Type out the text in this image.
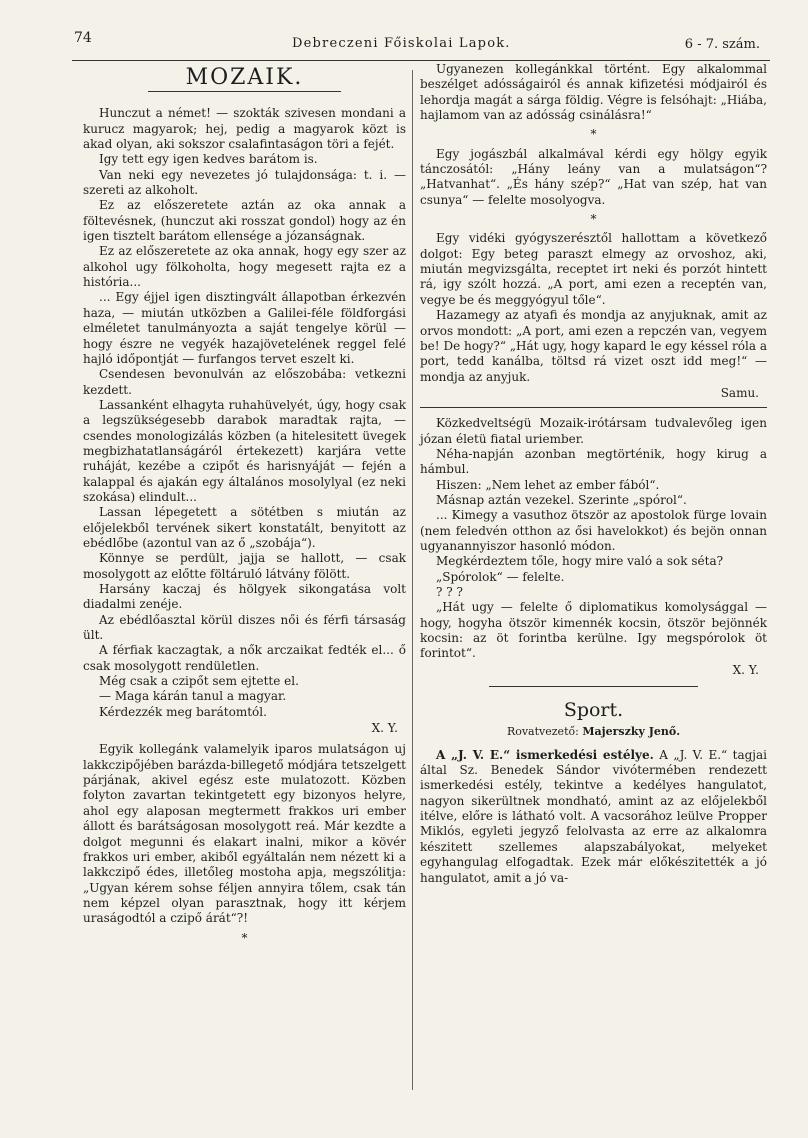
74	Debreczeni Főiskolai Lapok.	6 - 7. szám.
MOZAIK.

Hunczut a német! — szokták szivesen mondani a kurucz magyarok; hej, pedig a magyarok közt is akad olyan, aki sokszor csalafintaságon töri a fejét.

Igy tett egy igen kedves barátom is.

Van neki egy nevezetes jó tulajdonsága: t. i. — szereti az alkoholt.

Ez az előszeretete aztán az oka annak a föltevésnek, (hunczut aki rosszat gondol) hogy az én igen tisztelt barátom ellensége a józanságnak.

Ez az előszeretete az oka annak, hogy egy szer az alkohol ugy fölkoholta, hogy megesett rajta ez a história...

... Egy éjjel igen disztingvált állapotban érkezvén haza, — miután utközben a Galilei-féle földforgási elméletet tanulmányozta a saját tengelye körül — hogy észre ne vegyék hazajövetelének reggel felé hajló időpontját — furfangos tervet eszelt ki.

Csendesen bevonulván az előszobába: vetkezni kezdett.

Lassanként elhagyta ruhahüvelyét, úgy, hogy csak a legszükségesebb darabok maradtak rajta, — csendes monologizálás közben (a hitelesitett üvegek megbizhatatlanságáról értekezett) karjára vette ruháját, kezébe a czipőt és harisnyáját — fején a kalappal és ajakán egy általános mosolylyal (ez neki szokása) elindult...

Lassan lépegetett a sötétben s miután az előjelekből tervének sikert konstatált, benyitott az ebédlőbe (azontul van az ő „szobája“).

Könnye se perdült, jajja se hallott, — csak mosolygott az előtte föltáruló látvány fölött.

Harsány kaczaj és hölgyek sikongatása volt diadalmi zenéje.

Az ebédlőasztal körül diszes női és férfi társaság ült.

A férfiak kaczagtak, a nők arczaikat fedték el... ő csak mosolygott rendületlen.

Még csak a czipőt sem ejtette el.

— Maga kárán tanul a magyar.

Kérdezzék meg barátomtól.

X. Y.

Egyik kollegánk valamelyik iparos mulatságon uj lakkczipőjében barázda-billegető módjára tetszelgett párjának, akivel egész este mulatozott. Közben folyton zavartan tekintgetett egy bizonyos helyre, ahol egy alaposan megtermett frakkos uri ember állott és barátságosan mosolygott reá. Már kezdte a dolgot megunni és elakart inalni, mikor a kövér frakkos uri ember, akiből egyáltalán nem nézett ki a lakkczipő édes, illetőleg mostoha apja, megszólitja: „Ugyan kérem sohse féljen annyira tőlem, csak tán nem képzel olyan parasztnak, hogy itt kérjem uraságodtól a czipő árát“?!

*

Ugyanezen kollegánkkal történt. Egy alkalommal beszélget adósságairól és annak kifizetési módjairól és lehordja magát a sárga földig. Végre is felsóhajt: „Hiába, hajlamom van az adósság csinálásra!“

*

Egy jogászbál alkalmával kérdi egy hölgy egyik tánczosától: „Hány leány van a mulatságon“? „Hatvanhat“. „És hány szép?“ „Hat van szép, hat van csunya“ — felelte mosolyogva.

*

Egy vidéki gyógyszerésztől hallottam a következő dolgot: Egy beteg paraszt elmegy az orvoshoz, aki, miután megvizsgálta, receptet irt neki és porzót hintett rá, igy szólt hozzá. „A port, ami ezen a receptén van, vegye be és meggyógyul tőle“.

Hazamegy az atyafi és mondja az anyjuknak, amit az orvos mondott: „A port, ami ezen a repczén van, vegyem be! De hogy?“ „Hát ugy, hogy kapard le egy késsel róla a port, tedd kanálba, töltsd rá vizet oszt idd meg!“ — mondja az anyjuk.

Samu.

Közkedveltségü Mozaik-irótársam tudvalevőleg igen józan életü fiatal uriember.

Néha-napján azonban megtörténik, hogy kirug a hámbul.

Hiszen: „Nem lehet az ember fából“.

Másnap aztán vezekel. Szerinte „spórol“.

... Kimegy a vasuthoz ötször az apostolok fürge lovain (nem feledvén otthon az ősi havelokkot) és bejön onnan ugyanannyiszor hasonló módon.

Megkérdeztem tőle, hogy mire való a sok séta?

„Spórolok“ — felelte.

? ? ?

„Hát ugy — felelte ő diplomatikus komolysággal — hogy, hogyha ötször kimennék kocsin, ötször bejönnék kocsin: az öt forintba kerülne. Igy megspórolok öt forintot“.

X. Y.
Sport.
Rovatvezető: Majerszky Jenő.

A „J. V. E.“ ismerkedési estélye. A „J. V. E.“ tagjai által Sz. Benedek Sándor vivótermében rendezett ismerkedési estély, tekintve a kedélyes hangulatot, nagyon sikerültnek mondható, amint az az előjelekből itélve, előre is látható volt. A vacsorához leülve Propper Miklós, egyleti jegyző felolvasta az erre az alkalomra készitett szellemes alapszabályokat, melyeket egyhangulag elfogadtak. Ezek már előkészitették a jó hangulatot, amit a jó va-
